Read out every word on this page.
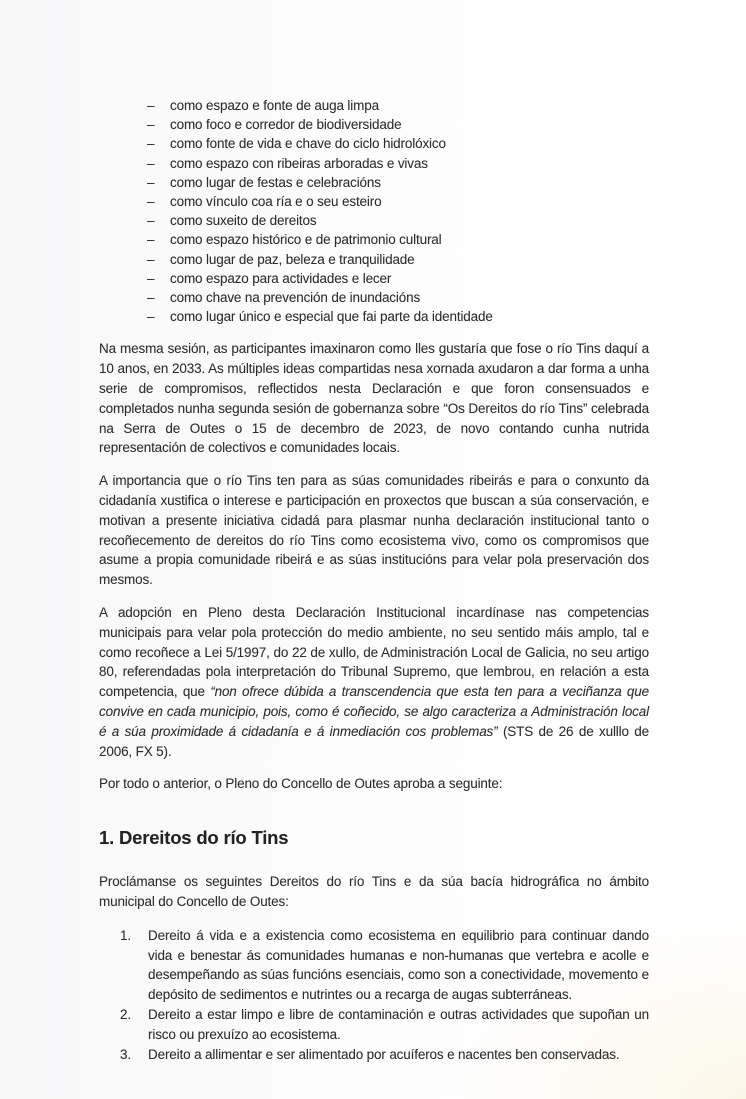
–	como espazo e fonte de auga limpa
–	como foco e corredor de biodiversidade
–	como fonte de vida e chave do ciclo hidrolóxico
–	como espazo con ribeiras arboradas e vivas
–	como lugar de festas e celebracións
–	como vínculo coa ría e o seu esteiro
–	como suxeito de dereitos
–	como espazo histórico e de patrimonio cultural
–	como lugar de paz, beleza e tranquilidade
–	como espazo para actividades e lecer
–	como chave na prevención de inundacións
–	como lugar único e especial que fai parte da identidade

Na mesma sesión, as participantes imaxinaron como lles gustaría que fose o río Tins daquí a 10 anos, en 2033. As múltiples ideas compartidas nesa xornada axudaron a dar forma a unha serie de compromisos, reflectidos nesta Declaración e que foron consensuados e completados nunha segunda sesión de gobernanza sobre “Os Dereitos do río Tins” celebrada na Serra de Outes o 15 de decembro de 2023, de novo contando cunha nutrida representación de colectivos e comunidades locais.

A importancia que o río Tins ten para as súas comunidades ribeirás e para o conxunto da cidadanía xustifica o interese e participación en proxectos que buscan a súa conservación, e motivan a presente iniciativa cidadá para plasmar nunha declaración institucional tanto o recoñecemento de dereitos do río Tins como ecosistema vivo, como os compromisos que asume a propia comunidade ribeirá e as súas institucións para velar pola preservación dos mesmos.

A adopción en Pleno desta Declaración Institucional incardínase nas competencias municipais para velar pola protección do medio ambiente, no seu sentido máis amplo, tal e como recoñece a Lei 5/1997, do 22 de xullo, de Administración Local de Galicia, no seu artigo 80, referendadas pola interpretación do Tribunal Supremo, que lembrou, en relación a esta competencia, que “non ofrece dúbida a transcendencia que esta ten para a veciñanza que convive en cada municipio, pois, como é coñecido, se algo caracteriza a Administración local é a súa proximidade á cidadanía e á inmediación cos problemas” (STS de 26 de xulllo de 2006, FX 5).

Por todo o anterior, o Pleno do Concello de Outes aproba a seguinte:

1. Dereitos do río Tins

Proclámanse os seguintes Dereitos do río Tins e da súa bacía hidrográfica no ámbito municipal do Concello de Outes:

1.	Dereito á vida e a existencia como ecosistema en equilibrio para continuar dando vida e benestar ás comunidades humanas e non-humanas que vertebra e acolle e desempeñando as súas funcións esenciais, como son a conectividade, movemento e depósito de sedimentos e nutrintes ou a recarga de augas subterráneas.
2.	Dereito a estar limpo e libre de contaminación e outras actividades que supoñan un risco ou prexuízo ao ecosistema.
3.	Dereito a allimentar e ser alimentado por acuíferos e nacentes ben conservadas.
